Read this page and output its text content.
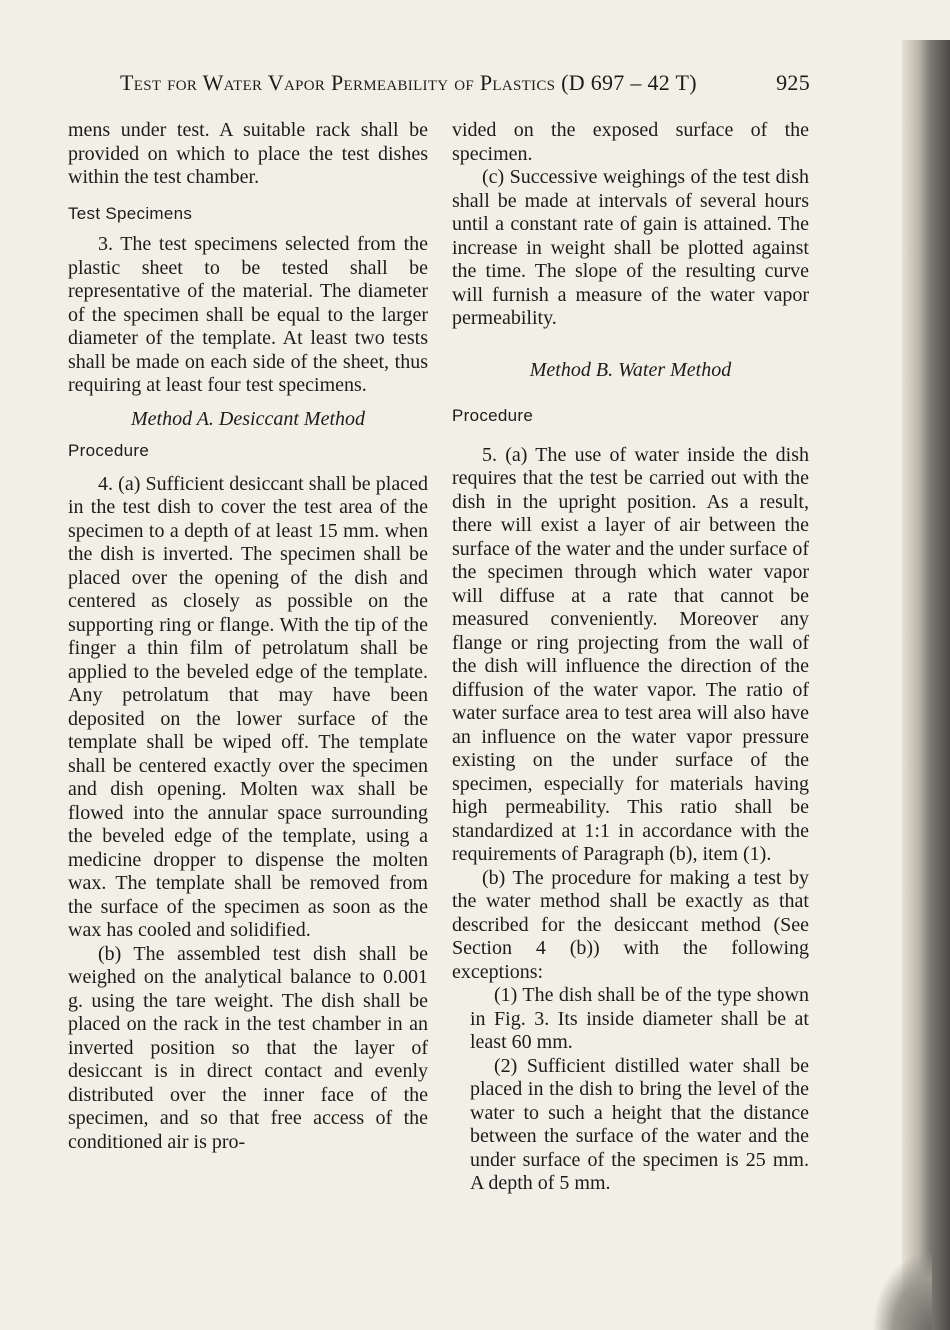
Test for Water Vapor Permeability of Plastics (D 697 – 42 T)	925

mens under test. A suitable rack shall be provided on which to place the test dishes within the test chamber.

Test Specimens

3. The test specimens selected from the plastic sheet to be tested shall be representative of the material. The diameter of the specimen shall be equal to the larger diameter of the template. At least two tests shall be made on each side of the sheet, thus requiring at least four test specimens.

Method A. Desiccant Method

Procedure

4. (a) Sufficient desiccant shall be placed in the test dish to cover the test area of the specimen to a depth of at least 15 mm. when the dish is inverted. The specimen shall be placed over the opening of the dish and centered as closely as possible on the supporting ring or flange. With the tip of the finger a thin film of petrolatum shall be applied to the beveled edge of the template. Any petrolatum that may have been deposited on the lower surface of the template shall be wiped off. The template shall be centered exactly over the specimen and dish opening. Molten wax shall be flowed into the annular space surrounding the beveled edge of the template, using a medicine dropper to dispense the molten wax. The template shall be removed from the surface of the specimen as soon as the wax has cooled and solidified.

(b) The assembled test dish shall be weighed on the analytical balance to 0.001 g. using the tare weight. The dish shall be placed on the rack in the test chamber in an inverted position so that the layer of desiccant is in direct contact and evenly distributed over the inner face of the specimen, and so that free access of the conditioned air is pro-

vided on the exposed surface of the specimen.

(c) Successive weighings of the test dish shall be made at intervals of several hours until a constant rate of gain is attained. The increase in weight shall be plotted against the time. The slope of the resulting curve will furnish a measure of the water vapor permeability.

Method B. Water Method

Procedure

5. (a) The use of water inside the dish requires that the test be carried out with the dish in the upright position. As a result, there will exist a layer of air between the surface of the water and the under surface of the specimen through which water vapor will diffuse at a rate that cannot be measured conveniently. Moreover any flange or ring projecting from the wall of the dish will influence the direction of the diffusion of the water vapor. The ratio of water surface area to test area will also have an influence on the water vapor pressure existing on the under surface of the specimen, especially for materials having high permeability. This ratio shall be standardized at 1:1 in accordance with the requirements of Paragraph (b), item (1).

(b) The procedure for making a test by the water method shall be exactly as that described for the desiccant method (See Section 4 (b)) with the following exceptions:

(1) The dish shall be of the type shown in Fig. 3. Its inside diameter shall be at least 60 mm.

(2) Sufficient distilled water shall be placed in the dish to bring the level of the water to such a height that the distance between the surface of the water and the under surface of the specimen is 25 mm. A depth of 5 mm.
